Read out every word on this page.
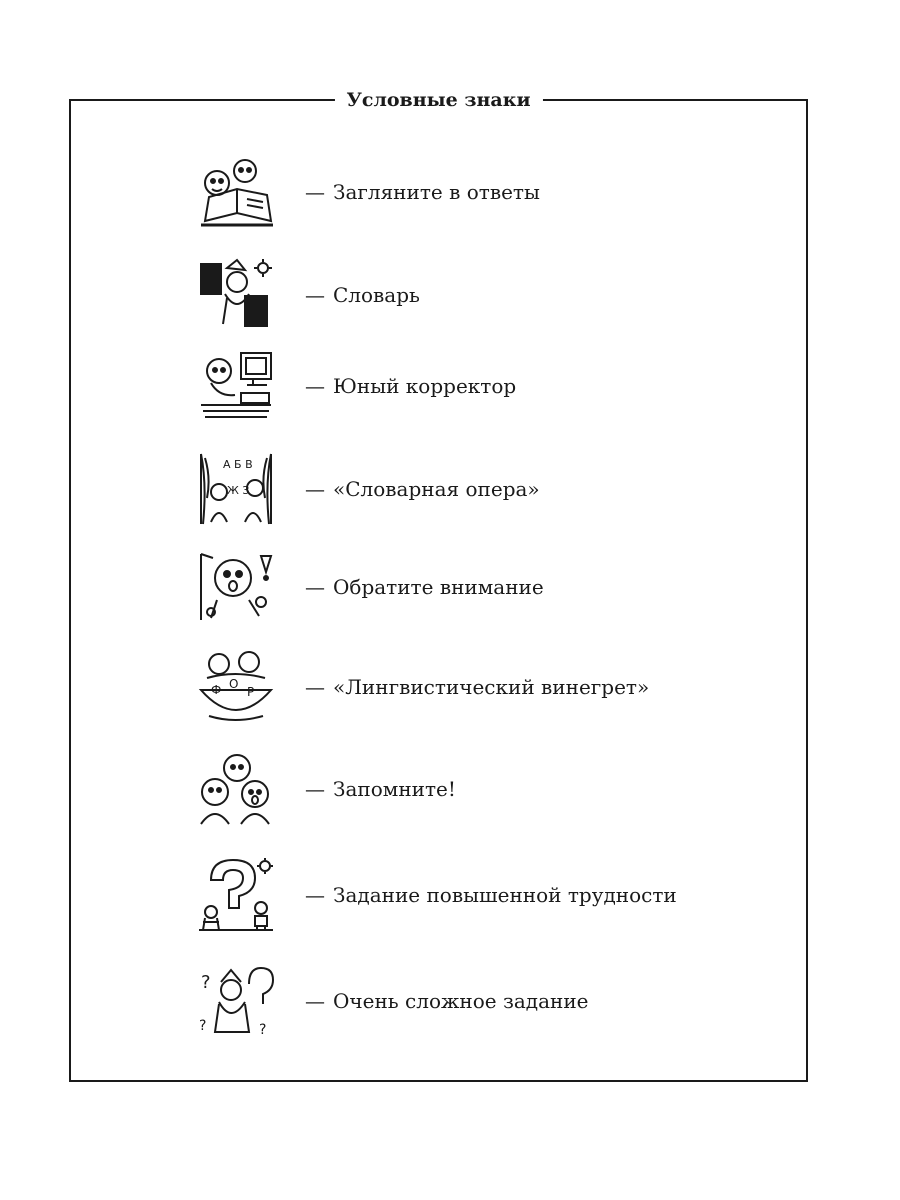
Условные знаки
— Загляните в ответы
— Словарь
— Юный корректор
А Б В
Ж З	— «Словарная опера»
— Обратите внимание
Ф О
Р	— «Лингвистический винегрет»
— Запомните!
— Задание повышенной трудности
?
?	?
— Очень сложное задание
